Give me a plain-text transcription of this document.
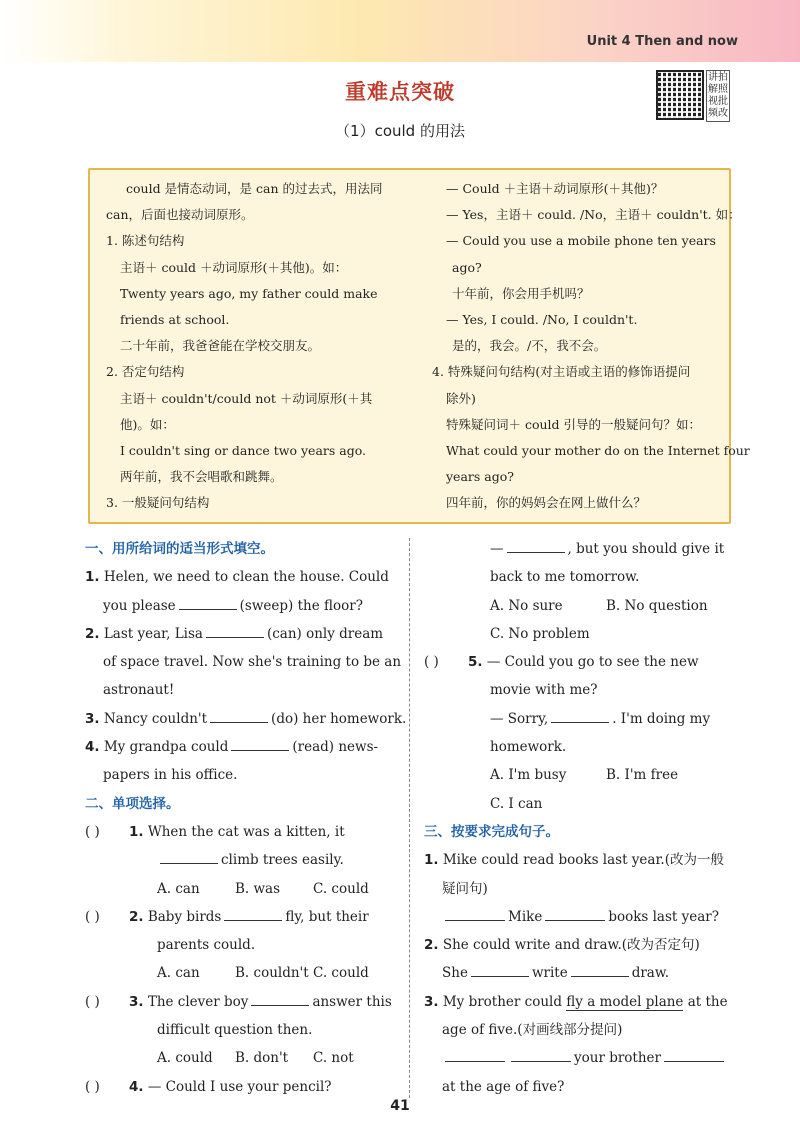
Unit 4 Then and now
讲 拍
解 照
视 批
频 改
重难点突破
（1）could 的用法
could 是情态动词，是 can 的过去式，用法同
can，后面也接动词原形。
1. 陈述句结构
主语＋ could ＋动词原形(＋其他)。如：
Twenty years ago, my father could make
friends at school.
二十年前，我爸爸能在学校交朋友。
2. 否定句结构
主语＋ couldn't/could not ＋动词原形(＋其
他)。如：
I couldn't sing or dance two years ago.
两年前，我不会唱歌和跳舞。
3. 一般疑问句结构
— Could ＋主语＋动词原形(＋其他)？
— Yes，主语＋ could. /No，主语＋ couldn't. 如：
— Could you use a mobile phone ten years
ago?
十年前，你会用手机吗？
— Yes, I could. /No, I couldn't.
是的，我会。/不，我不会。
4. 特殊疑问句结构(对主语或主语的修饰语提问
除外)
特殊疑问词＋ could 引导的一般疑问句？如：
What could your mother do on the Internet four
years ago?
四年前，你的妈妈会在网上做什么？
一、用所给词的适当形式填空。
1. Helen, we need to clean the house. Could
you please	(sweep) the floor?
2. Last year, Lisa	(can) only dream
of space travel. Now she's training to be an
astronaut!
3. Nancy couldn't	(do) her homework.
4. My grandpa could	(read) news-
papers in his office.
二、单项选择。
( ) 1. When the cat was a kitten, it
climb trees easily.
A. can	B. was C. could
( ) 2. Baby birds	fly, but their
parents could.
A. can	B. couldn't C. could
( ) 3. The clever boy	answer this
difficult question then.
A. could B. don't C. not
( ) 4. — Could I use your pencil?
—	, but you should give it
back to me tomorrow.
A. No sure	B. No question
C. No problem
( ) 5. — Could you go to see the new
movie with me?
— Sorry,	. I'm doing my
homework.
A. I'm busy	B. I'm free
C. I can
三、按要求完成句子。
1. Mike could read books last year.(改为一般
疑问句)
Mike	books last year?
2. She could write and draw.(改为否定句)
She	write	draw.
3. My brother could fly a model plane at the
age of five.(对画线部分提问)
your brother
at the age of five?
41
